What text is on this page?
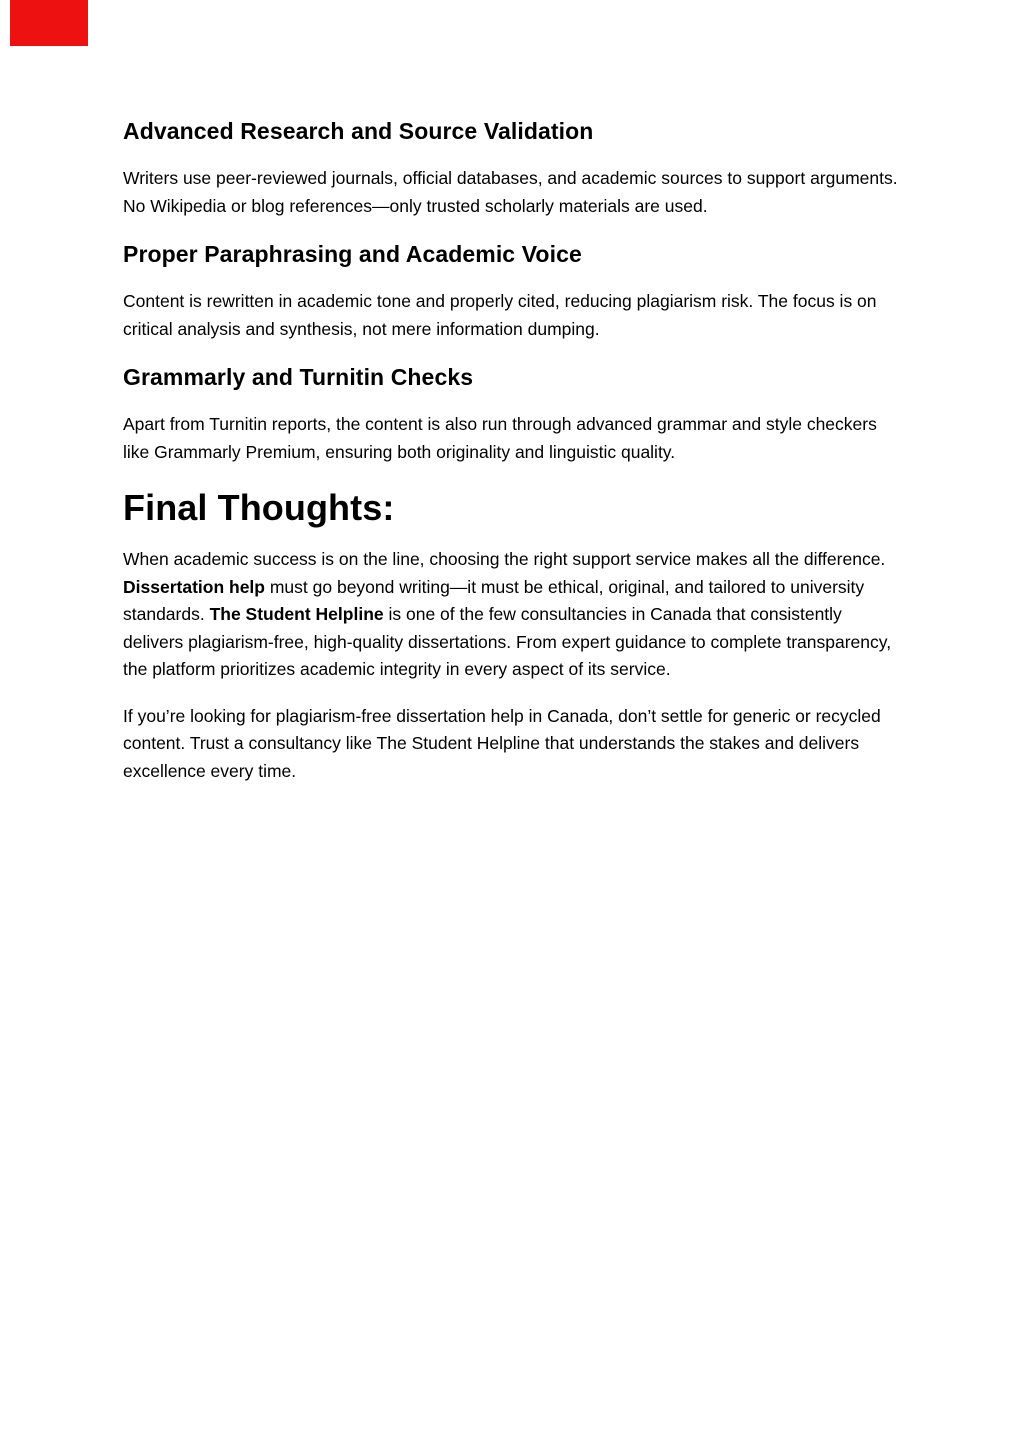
Advanced Research and Source Validation

Writers use peer-reviewed journals, official databases, and academic sources to support arguments. No Wikipedia or blog references—only trusted scholarly materials are used.

Proper Paraphrasing and Academic Voice

Content is rewritten in academic tone and properly cited, reducing plagiarism risk. The focus is on critical analysis and synthesis, not mere information dumping.

Grammarly and Turnitin Checks

Apart from Turnitin reports, the content is also run through advanced grammar and style checkers like Grammarly Premium, ensuring both originality and linguistic quality.

Final Thoughts:

When academic success is on the line, choosing the right support service makes all the difference. Dissertation help must go beyond writing—it must be ethical, original, and tailored to university standards. The Student Helpline is one of the few consultancies in Canada that consistently delivers plagiarism-free, high-quality dissertations. From expert guidance to complete transparency, the platform prioritizes academic integrity in every aspect of its service.

If you’re looking for plagiarism-free dissertation help in Canada, don’t settle for generic or recycled content. Trust a consultancy like The Student Helpline that understands the stakes and delivers excellence every time.
